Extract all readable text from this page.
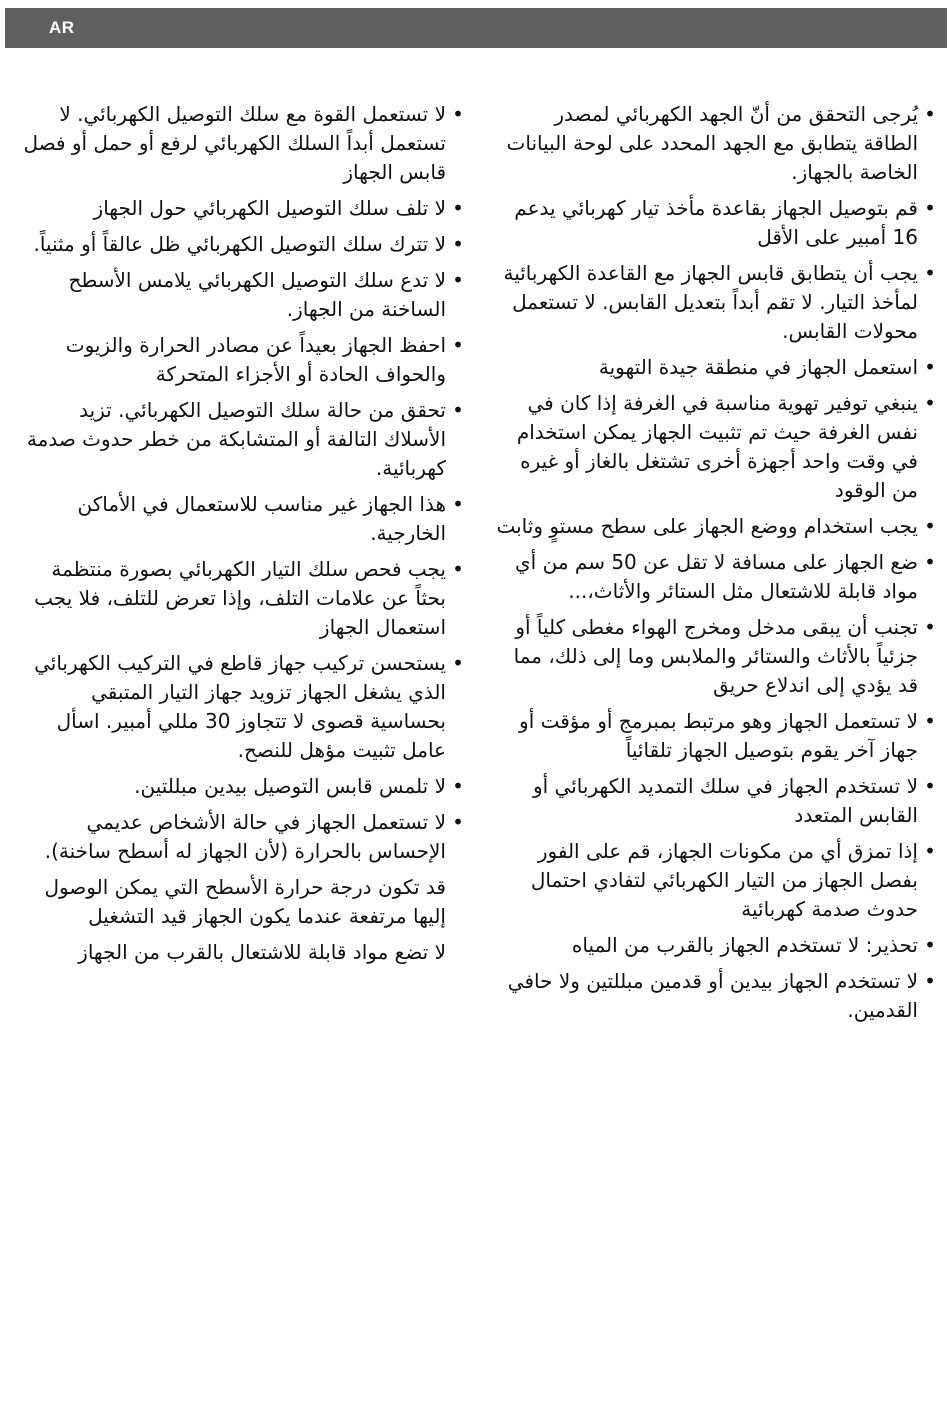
AR
•
يُرجى التحقق من أنّ الجهد الكهربائي لمصدر الطاقة يتطابق مع الجهد المحدد على لوحة البيانات الخاصة بالجهاز.
•
قم بتوصيل الجهاز بقاعدة مأخذ تيار كهربائي يدعم 16 أمبير على الأقل
•
يجب أن يتطابق قابس الجهاز مع القاعدة الكهربائية لمأخذ التيار. لا تقم أبداً بتعديل القابس. لا تستعمل محولات القابس.
•
استعمل الجهاز في منطقة جيدة التهوية
•
ينبغي توفير تهوية مناسبة في الغرفة إذا كان في نفس الغرفة حيث تم تثبيت الجهاز يمكن استخدام في وقت واحد أجهزة أخرى تشتغل بالغاز أو غيره من الوقود
•
يجب استخدام ووضع الجهاز على سطح مستوٍ وثابت
•
ضع الجهاز على مسافة لا تقل عن 50 سم من أي مواد قابلة للاشتعال مثل الستائر والأثاث،...
•
تجنب أن يبقى مدخل ومخرج الهواء مغطى كلياً أو جزئياً بالأثاث والستائر والملابس وما إلى ذلك، مما قد يؤدي إلى اندلاع حريق
•
لا تستعمل الجهاز وهو مرتبط بمبرمج أو مؤقت أو جهاز آخر يقوم بتوصيل الجهاز تلقائياً
•
لا تستخدم الجهاز في سلك التمديد الكهربائي أو القابس المتعدد
•
إذا تمزق أي من مكونات الجهاز، قم على الفور بفصل الجهاز من التيار الكهربائي لتفادي احتمال حدوث صدمة كهربائية
•
تحذير: لا تستخدم الجهاز بالقرب من المياه
•
لا تستخدم الجهاز بيدين أو قدمين مبللتين ولا حافي القدمين.
•
لا تستعمل القوة مع سلك التوصيل الكهربائي. لا تستعمل أبداً السلك الكهربائي لرفع أو حمل أو فصل قابس الجهاز
•
لا تلف سلك التوصيل الكهربائي حول الجهاز
•
لا تترك سلك التوصيل الكهربائي ظل عالقاً أو مثنياً.
•
لا تدع سلك التوصيل الكهربائي يلامس الأسطح الساخنة من الجهاز.
•
احفظ الجهاز بعيداً عن مصادر الحرارة والزيوت والحواف الحادة أو الأجزاء المتحركة
•
تحقق من حالة سلك التوصيل الكهربائي. تزيد الأسلاك التالفة أو المتشابكة من خطر حدوث صدمة كهربائية.
•
هذا الجهاز غير مناسب للاستعمال في الأماكن الخارجية.
•
يجب فحص سلك التيار الكهربائي بصورة منتظمة بحثاً عن علامات التلف، وإذا تعرض للتلف، فلا يجب استعمال الجهاز
•
يستحسن تركيب جهاز قاطع في التركيب الكهربائي الذي يشغل الجهاز تزويد جهاز التيار المتبقي بحساسية قصوى لا تتجاوز 30 مللي أمبير. اسأل عامل تثبيت مؤهل للنصح.
•
لا تلمس قابس التوصيل بيدين مبللتين.
•
لا تستعمل الجهاز في حالة الأشخاص عديمي الإحساس بالحرارة (لأن الجهاز له أسطح ساخنة).
قد تكون درجة حرارة الأسطح التي يمكن الوصول إليها مرتفعة عندما يكون الجهاز قيد التشغيل
لا تضع مواد قابلة للاشتعال بالقرب من الجهاز
